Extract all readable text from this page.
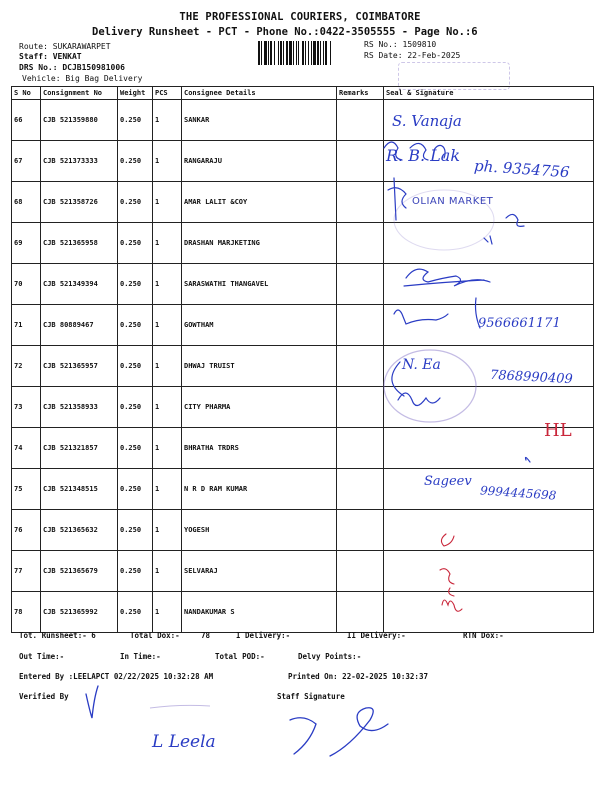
THE PROFESSIONAL COURIERS, COIMBATORE
Delivery Runsheet - PCT - Phone No.:0422-3505555 - Page No.:6
Route: SUKARAWARPET
Staff: VENKAT
DRS No.: DCJB150981006
Vehicle: Big Bag Delivery
RS No.: 1509810
RS Date: 22-Feb-2025
S No	Consignment No	Weight	PCS	Consignee Details	Remarks	Seal & Signature

66	CJB 521359880	0.250	1	SANKAR		

67	CJB 521373333	0.250	1	RANGARAJU		

68	CJB 521358726	0.250	1	AMAR LALIT &COY		

69	CJB 521365958	0.250	1	DRASHAN MARJKETING		

70	CJB 521349394	0.250	1	SARASWATHI THANGAVEL		

71	CJB 80889467	0.250	1	GOWTHAM		

72	CJB 521365957	0.250	1	DHWAJ TRUIST		

73	CJB 521358933	0.250	1	CITY PHARMA		

74	CJB 521321857	0.250	1	BHRATHA TRDRS		

75	CJB 521348515	0.250	1	N R D RAM KUMAR		

76	CJB 521365632	0.250	1	YOGESH		

77	CJB 521365679	0.250	1	SELVARAJ		

78	CJB 521365992	0.250	1	NANDAKUMAR S		

S. Vanaja
R. B. Lak
ph. 9354756
OLIAN MARKET
9566661171
N. Ea
7868990409
HL
Sageev
9994445698
Tot. Runsheet:- 6	Total Dox:-	78	I Delivery:-	II Delivery:-	RTN Dox:-
Out Time:-	In Time:-	Total POD:-	Delvy Points:-
Entered By :LEELAPCT 02/22/2025 10:32:28 AM	Printed On: 22-02-2025 10:32:37
Verified By	Staff Signature
L Leela
